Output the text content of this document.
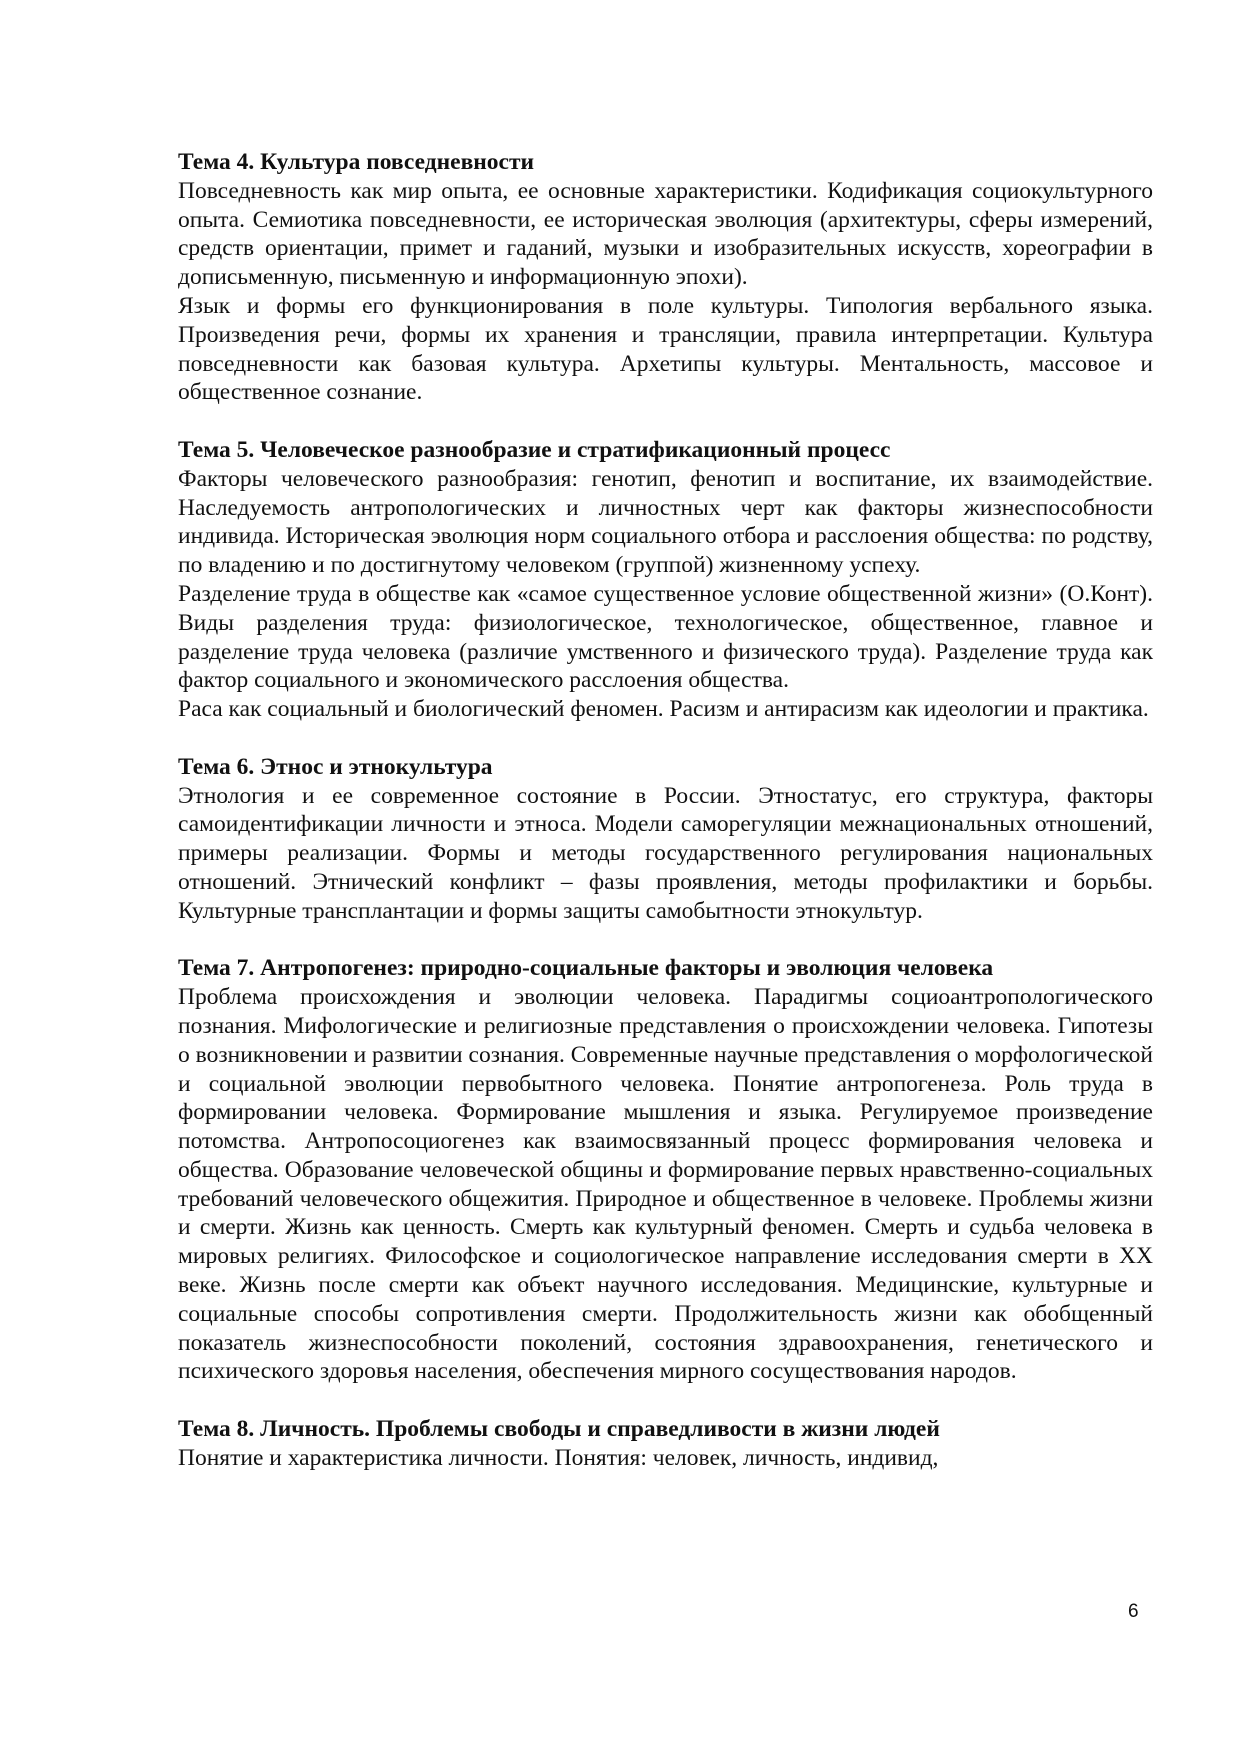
Тема 4. Культура повседневности

Повседневность как мир опыта, ее основные характеристики. Кодификация социокультурного опыта. Семиотика повседневности, ее историческая эволюция (архитектуры, сферы измерений, средств ориентации, примет и гаданий, музыки и изобразительных искусств, хореографии в дописьменную, письменную и информационную эпохи).

Язык и формы его функционирования в поле культуры. Типология вербального языка. Произведения речи, формы их хранения и трансляции, правила интерпретации. Культура повседневности как базовая культура. Архетипы культуры. Ментальность, массовое и общественное сознание.

Тема 5. Человеческое разнообразие и стратификационный процесс

Факторы человеческого разнообразия: генотип, фенотип и воспитание, их взаимодействие. Наследуемость антропологических и личностных черт как факторы жизнеспособности индивида. Историческая эволюция норм социального отбора и расслоения общества: по родству, по владению и по достигнутому человеком (группой) жизненному успеху.

Разделение труда в обществе как «самое существенное условие общественной жизни» (О.Конт). Виды разделения труда: физиологическое, технологическое, общественное, главное и разделение труда человека (различие умственного и физического труда). Разделение труда как фактор социального и экономического расслоения общества.

Раса как социальный и биологический феномен. Расизм и антирасизм как идеологии и практика.

Тема 6. Этнос и этнокультура

Этнология и ее современное состояние в России. Этностатус, его структура, факторы самоидентификации личности и этноса. Модели саморегуляции межнациональных отношений, примеры реализации. Формы и методы государственного регулирования национальных отношений. Этнический конфликт – фазы проявления, методы профилактики и борьбы. Культурные трансплантации и формы защиты самобытности этнокультур.

Тема 7. Антропогенез: природно-социальные факторы и эволюция человека

Проблема происхождения и эволюции человека. Парадигмы социоантропологического познания. Мифологические и религиозные представления о происхождении человека. Гипотезы о возникновении и развитии сознания. Современные научные представления о морфологической и социальной эволюции первобытного человека. Понятие антропогенеза. Роль труда в формировании человека. Формирование мышления и языка. Регулируемое произведение потомства. Антропосоциогенез как взаимосвязанный процесс формирования человека и общества. Образование человеческой общины и формирование первых нравственно-социальных требований человеческого общежития. Природное и общественное в человеке. Проблемы жизни и смерти. Жизнь как ценность. Смерть как культурный феномен. Смерть и судьба человека в мировых религиях. Философское и социологическое направление исследования смерти в XX веке. Жизнь после смерти как объект научного исследования. Медицинские, культурные и социальные способы сопротивления смерти. Продолжительность жизни как обобщенный показатель жизнеспособности поколений, состояния здравоохранения, генетического и психического здоровья населения, обеспечения мирного сосуществования народов.

Тема 8. Личность. Проблемы свободы и справедливости в жизни людей

Понятие и характеристика личности. Понятия: человек, личность, индивид,

6
